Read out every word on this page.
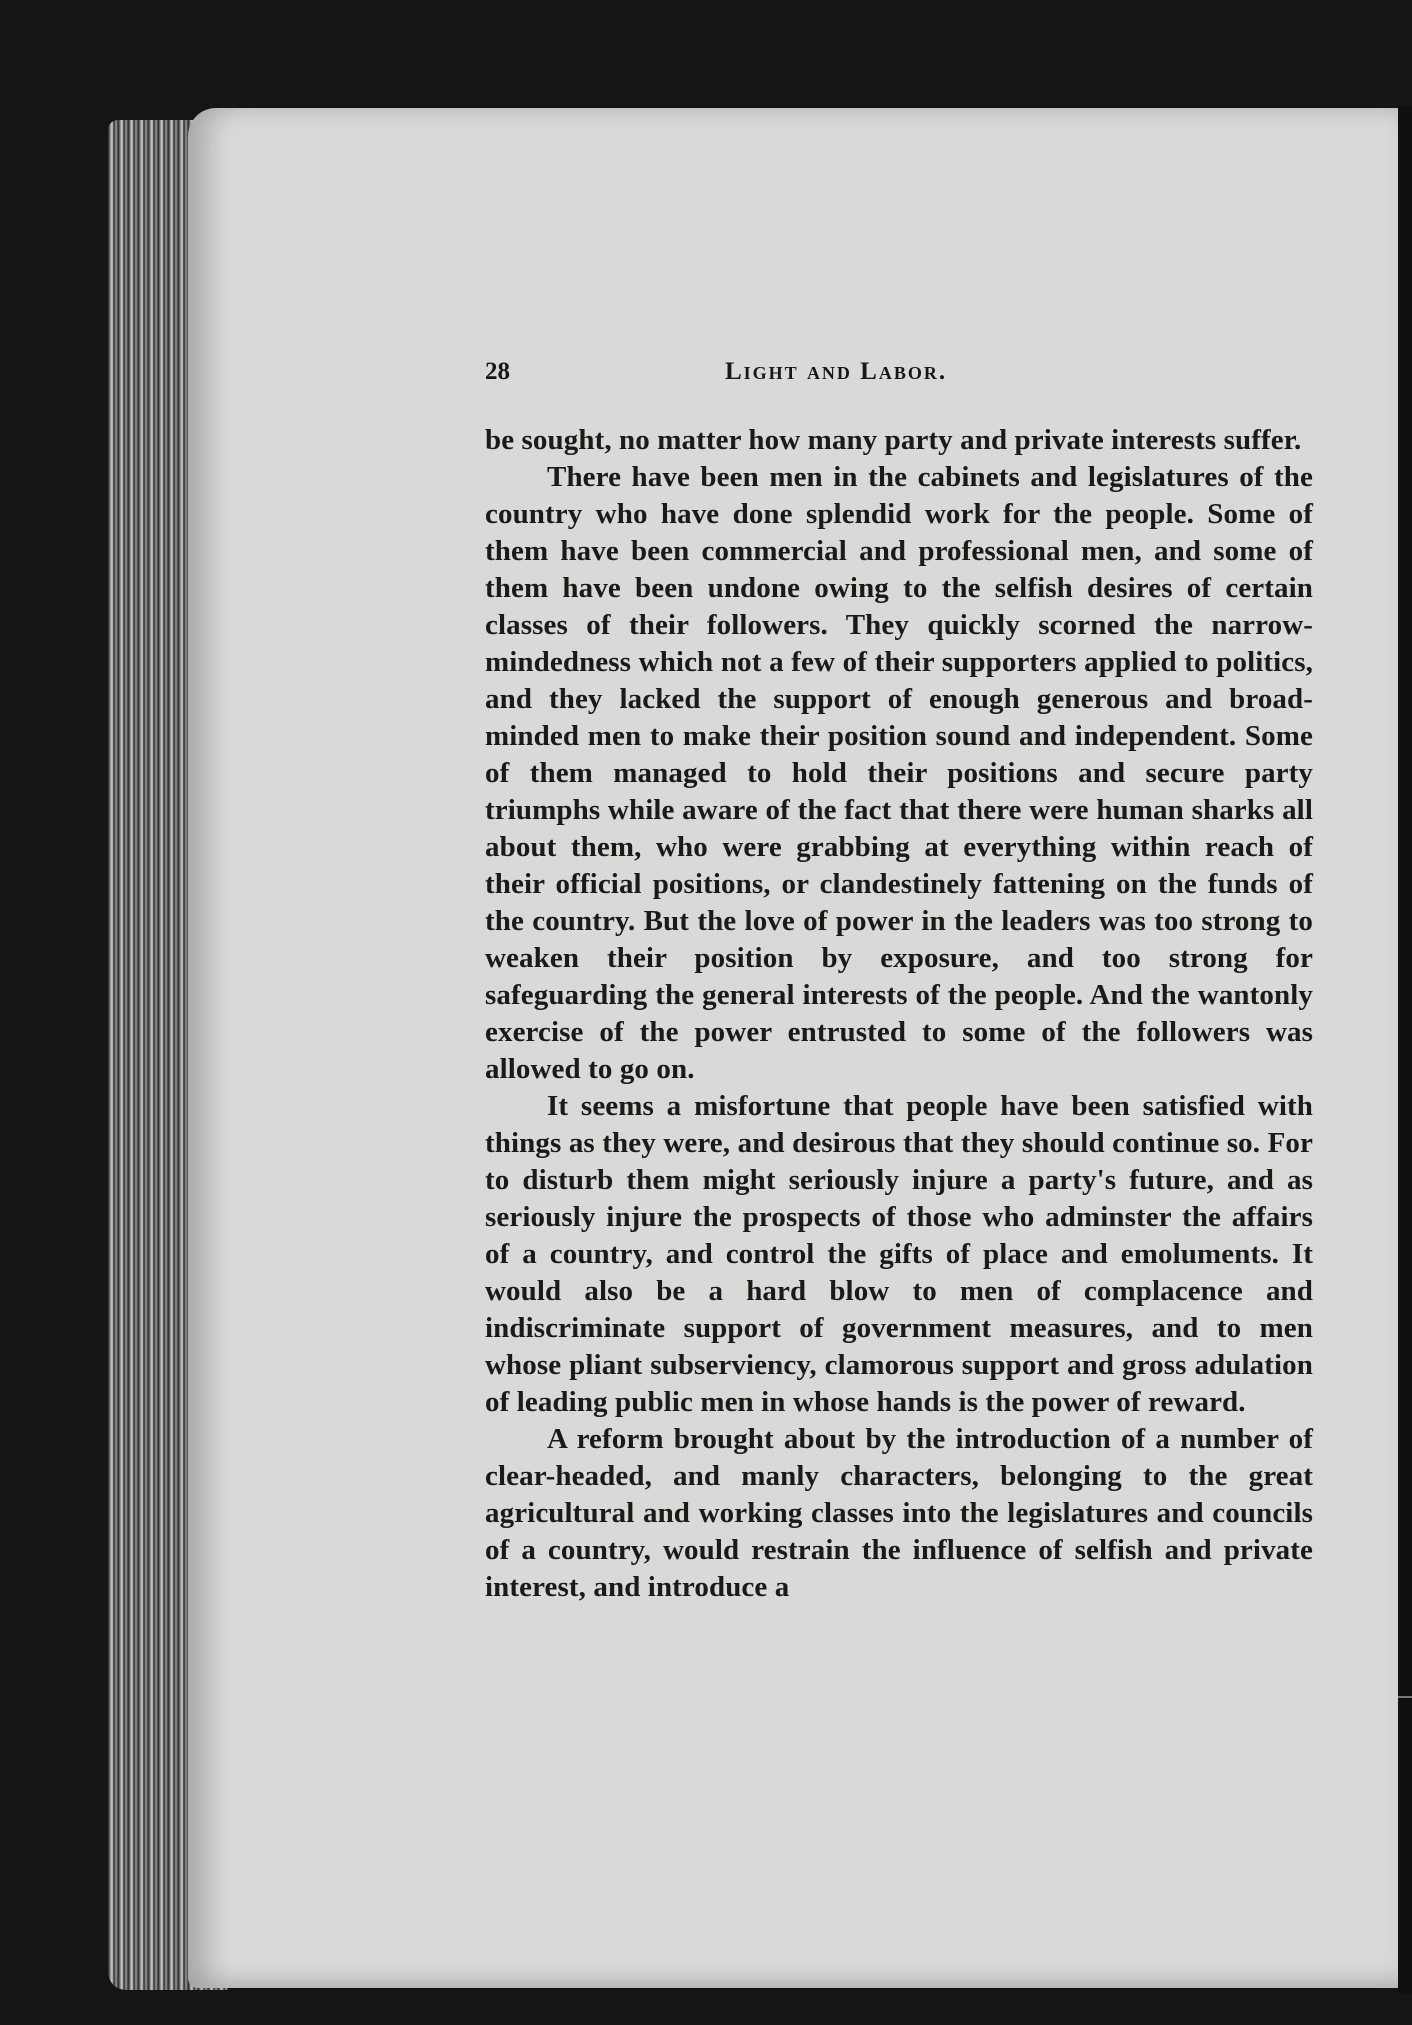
28	Light and Labor.

be sought, no matter how many party and private interests suffer.

There have been men in the cabinets and legislatures of the country who have done splendid work for the people. Some of them have been commercial and professional men, and some of them have been undone owing to the selfish desires of certain classes of their followers. They quickly scorned the narrow-mindedness which not a few of their supporters applied to politics, and they lacked the support of enough generous and broad-minded men to make their position sound and independent. Some of them managed to hold their positions and secure party triumphs while aware of the fact that there were human sharks all about them, who were grabbing at everything within reach of their official positions, or clandestinely fattening on the funds of the country. But the love of power in the leaders was too strong to weaken their position by exposure, and too strong for safeguarding the general interests of the people. And the wantonly exercise of the power entrusted to some of the followers was allowed to go on.

It seems a misfortune that people have been satisfied with things as they were, and desirous that they should continue so. For to disturb them might seriously injure a party's future, and as seriously injure the prospects of those who adminster the affairs of a country, and control the gifts of place and emoluments. It would also be a hard blow to men of complacence and indiscriminate support of government measures, and to men whose pliant subserviency, clamorous support and gross adulation of leading public men in whose hands is the power of reward.

A reform brought about by the introduction of a number of clear-headed, and manly characters, belonging to the great agricultural and working classes into the legislatures and councils of a country, would restrain the influence of selfish and private interest, and introduce a
